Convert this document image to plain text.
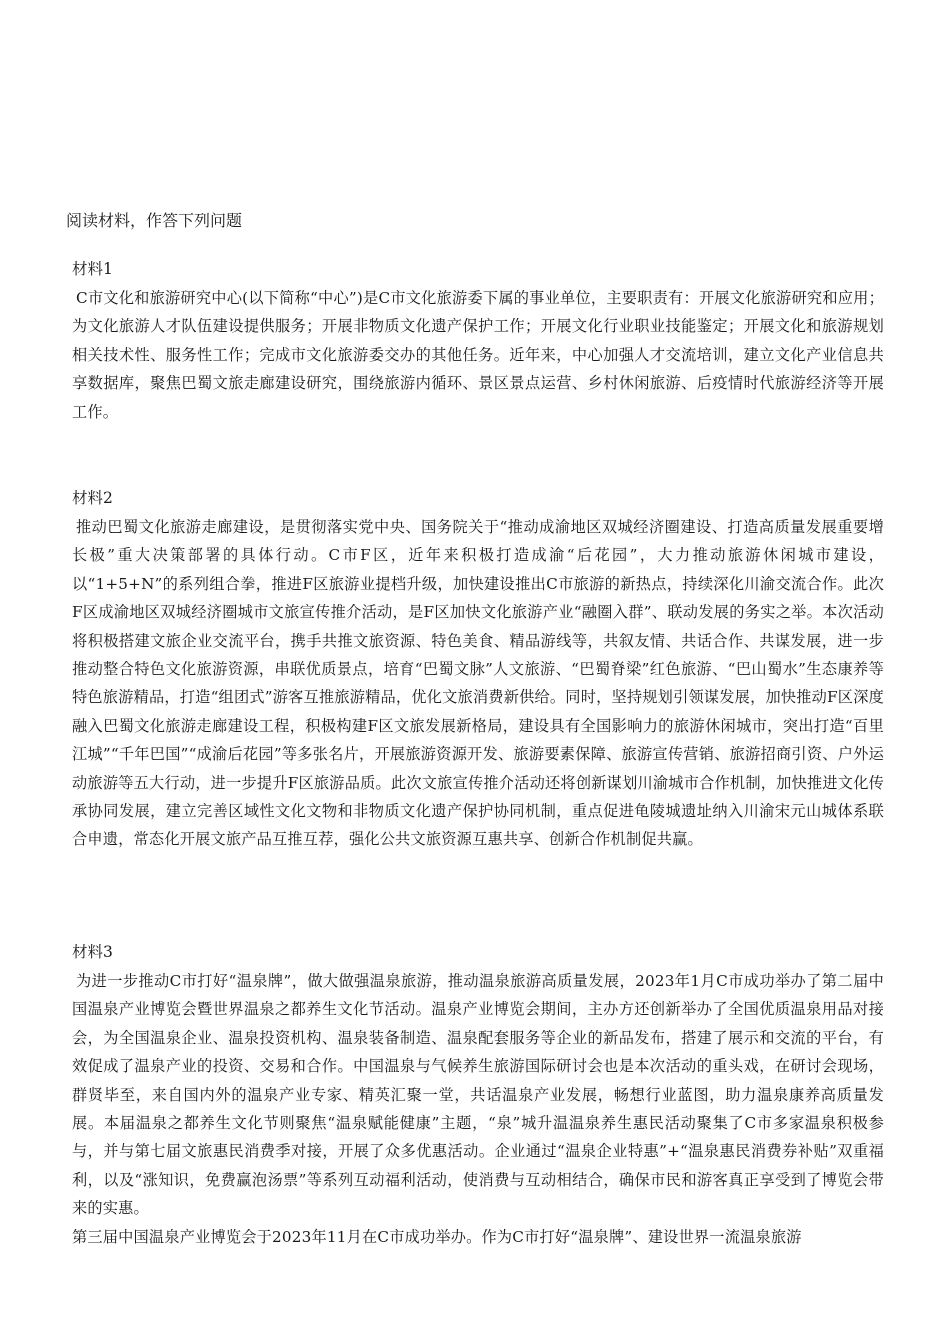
阅读材料，作答下列问题

材料1

C市文化和旅游研究中心(以下简称“中心”)是C市文化旅游委下属的事业单位，主要职责有：开展文化旅游研究和应用；为文化旅游人才队伍建设提供服务；开展非物质文化遗产保护工作；开展文化行业职业技能鉴定；开展文化和旅游规划相关技术性、服务性工作；完成市文化旅游委交办的其他任务。近年来，中心加强人才交流培训，建立文化产业信息共享数据库，聚焦巴蜀文旅走廊建设研究，围绕旅游内循环、景区景点运营、乡村休闲旅游、后疫情时代旅游经济等开展工作。

材料2

推动巴蜀文化旅游走廊建设，是贯彻落实党中央、国务院关于“推动成渝地区双城经济圈建设、打造高质量发展重要增长极”重大决策部署的具体行动。C市F区，近年来积极打造成渝“后花园”，大力推动旅游休闲城市建设，以“1+5+N”的系列组合拳，推进F区旅游业提档升级，加快建设推出C市旅游的新热点，持续深化川渝交流合作。此次F区成渝地区双城经济圈城市文旅宣传推介活动，是F区加快文化旅游产业“融圈入群”、联动发展的务实之举。本次活动将积极搭建文旅企业交流平台，携手共推文旅资源、特色美食、精品游线等，共叙友情、共话合作、共谋发展，进一步推动整合特色文化旅游资源，串联优质景点，培育“巴蜀文脉”人文旅游、“巴蜀脊梁”红色旅游、“巴山蜀水”生态康养等特色旅游精品，打造“组团式”游客互推旅游精品，优化文旅消费新供给。同时，坚持规划引领谋发展，加快推动F区深度融入巴蜀文化旅游走廊建设工程，积极构建F区文旅发展新格局，建设具有全国影响力的旅游休闲城市，突出打造“百里江城”“千年巴国”“成渝后花园”等多张名片，开展旅游资源开发、旅游要素保障、旅游宣传营销、旅游招商引资、户外运动旅游等五大行动，进一步提升F区旅游品质。此次文旅宣传推介活动还将创新谋划川渝城市合作机制，加快推进文化传承协同发展，建立完善区域性文化文物和非物质文化遗产保护协同机制，重点促进龟陵城遗址纳入川渝宋元山城体系联合申遗，常态化开展文旅产品互推互荐，强化公共文旅资源互惠共享、创新合作机制促共赢。

材料3

为进一步推动C市打好“温泉牌”，做大做强温泉旅游，推动温泉旅游高质量发展，2023年1月C市成功举办了第二届中国温泉产业博览会暨世界温泉之都养生文化节活动。温泉产业博览会期间，主办方还创新举办了全国优质温泉用品对接会，为全国温泉企业、温泉投资机构、温泉装备制造、温泉配套服务等企业的新品发布，搭建了展示和交流的平台，有效促成了温泉产业的投资、交易和合作。中国温泉与气候养生旅游国际研讨会也是本次活动的重头戏，在研讨会现场，群贤毕至，来自国内外的温泉产业专家、精英汇聚一堂，共话温泉产业发展，畅想行业蓝图，助力温泉康养高质量发展。本届温泉之都养生文化节则聚焦“温泉赋能健康”主题，“泉”城升温温泉养生惠民活动聚集了C市多家温泉积极参与，并与第七届文旅惠民消费季对接，开展了众多优惠活动。企业通过“温泉企业特惠”+“温泉惠民消费券补贴”双重福利，以及“涨知识，免费赢泡汤票”等系列互动福利活动，使消费与互动相结合，确保市民和游客真正享受到了博览会带来的实惠。

第三届中国温泉产业博览会于2023年11月在C市成功举办。作为C市打好“温泉牌”、建设世界一流温泉旅游
